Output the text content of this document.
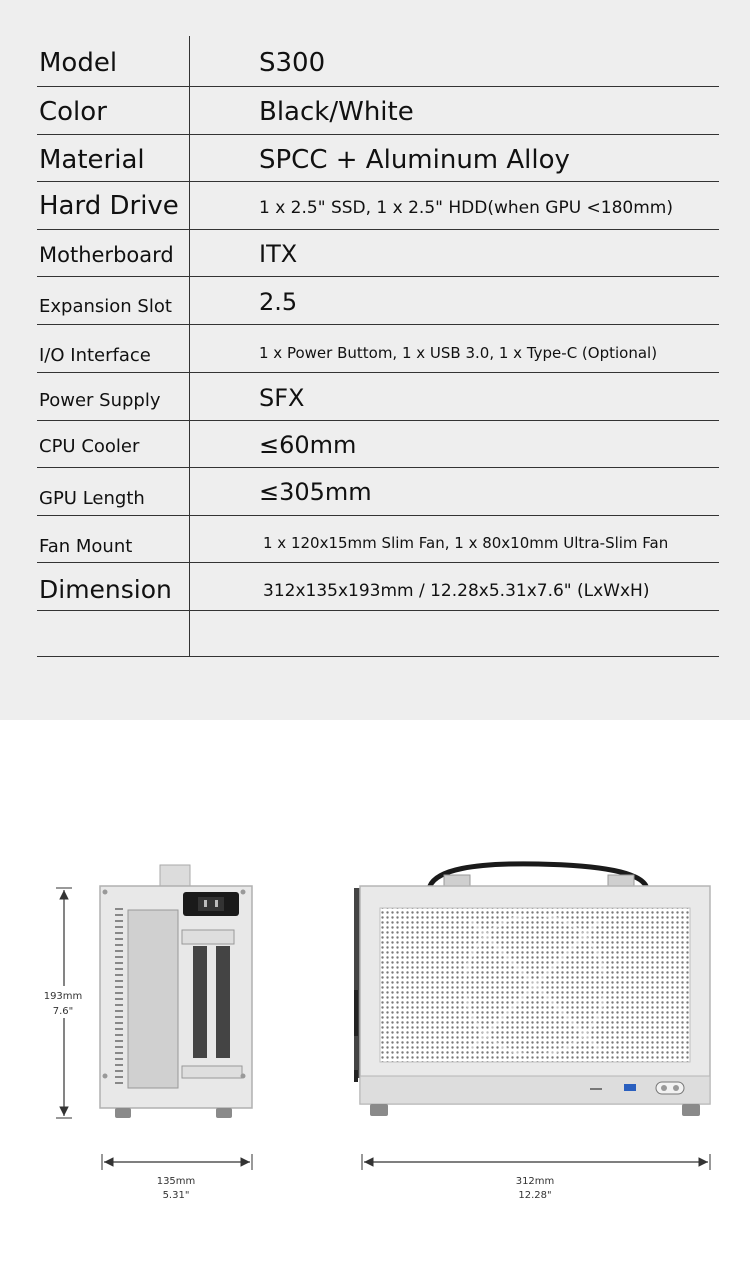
Model	S300
Color	Black/White
Material	SPCC + Aluminum Alloy
Hard Drive	1 x 2.5" SSD, 1 x 2.5" HDD(when GPU <180mm)
Motherboard	ITX
Expansion Slot	2.5
I/O Interface	1 x Power Buttom, 1 x USB 3.0, 1 x Type-C (Optional)
Power Supply	SFX
CPU Cooler	≤60mm
GPU Length	≤305mm
Fan Mount	1 x 120x15mm Slim Fan, 1 x 80x10mm Ultra-Slim Fan
Dimension	312x135x193mm / 12.28x5.31x7.6" (LxWxH)
193mm
7.6"
135mm
5.31"
312mm
12.28"
